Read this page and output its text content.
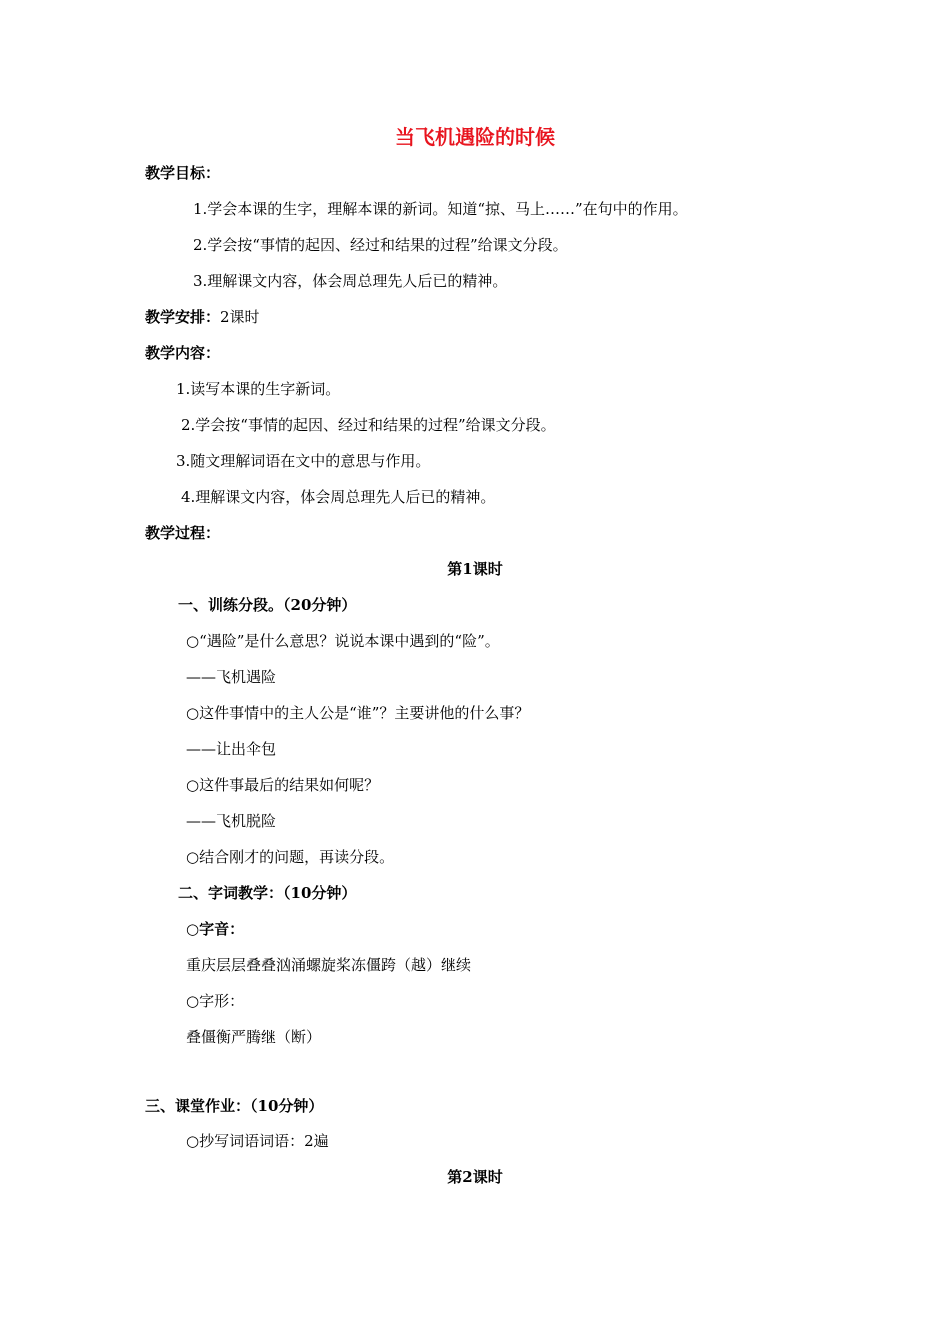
当飞机遇险的时候
教学目标：
1.学会本课的生字，理解本课的新词。知道“掠、马上……”在句中的作用。
2.学会按“事情的起因、经过和结果的过程”给课文分段。
3.理解课文内容，体会周总理先人后已的精神。
教学安排：2课时
教学内容：
1.读写本课的生字新词。
2.学会按“事情的起因、经过和结果的过程”给课文分段。
3.随文理解词语在文中的意思与作用。
4.理解课文内容，体会周总理先人后已的精神。
教学过程：
第1课时
一、训练分段。（20分钟）
○“遇险”是什么意思？说说本课中遇到的“险”。
——飞机遇险
○这件事情中的主人公是“谁”？主要讲他的什么事？
——让出伞包
○这件事最后的结果如何呢？
——飞机脱险
○结合刚才的问题，再读分段。
二、字词教学：（10分钟）
○字音：
重庆层层叠叠汹涌螺旋桨冻僵跨（越）继续
○字形：
叠僵衡严腾继（断）
三、课堂作业：（10分钟）
○抄写词语词语：2遍
第2课时
